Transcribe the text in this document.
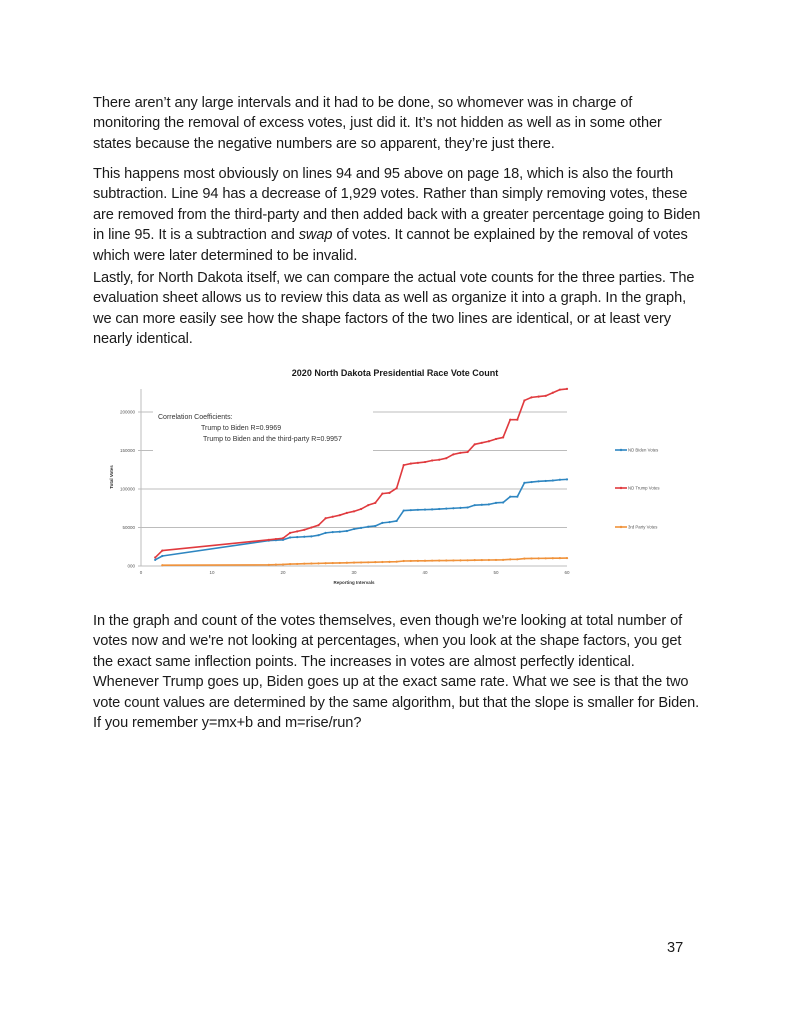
There aren’t any large intervals and it had to be done, so whomever was in charge of monitoring the removal of excess votes, just did it. It’s not hidden as well as in some other states because the negative numbers are so apparent, they’re just there.

This happens most obviously on lines 94 and 95 above on page 18, which is also the fourth subtraction. Line 94 has a decrease of 1,929 votes. Rather than simply removing votes, these are removed from the third-party and then added back with a greater percentage going to Biden in line 95. It is a subtraction and swap of votes. It cannot be explained by the removal of votes which were later determined to be invalid.

Lastly, for North Dakota itself, we can compare the actual vote counts for the three parties. The evaluation sheet allows us to review this data as well as organize it into a graph. In the graph, we can more easily see how the shape factors of the two lines are identical, or at least very nearly identical.

2020 North Dakota Presidential Race Vote Count
000
50000
100000
150000
200000
0	10	20	30	40	50	60
Total Votes
Reporting Intervals
Correlation Coefficients:
Trump to Biden R=0.9969
Trump to Biden and the third-party R=0.9957
ND Biden Votes
ND Trump Votes
3rd Party Votes

In the graph and count of the votes themselves, even though we're looking at total number of votes now and we're not looking at percentages, when you look at the shape factors, you get the exact same inflection points. The increases in votes are almost perfectly identical. Whenever Trump goes up, Biden goes up at the exact same rate. What we see is that the two vote count values are determined by the same algorithm, but that the slope is smaller for Biden. If you remember y=mx+b and m=rise/run?

37
